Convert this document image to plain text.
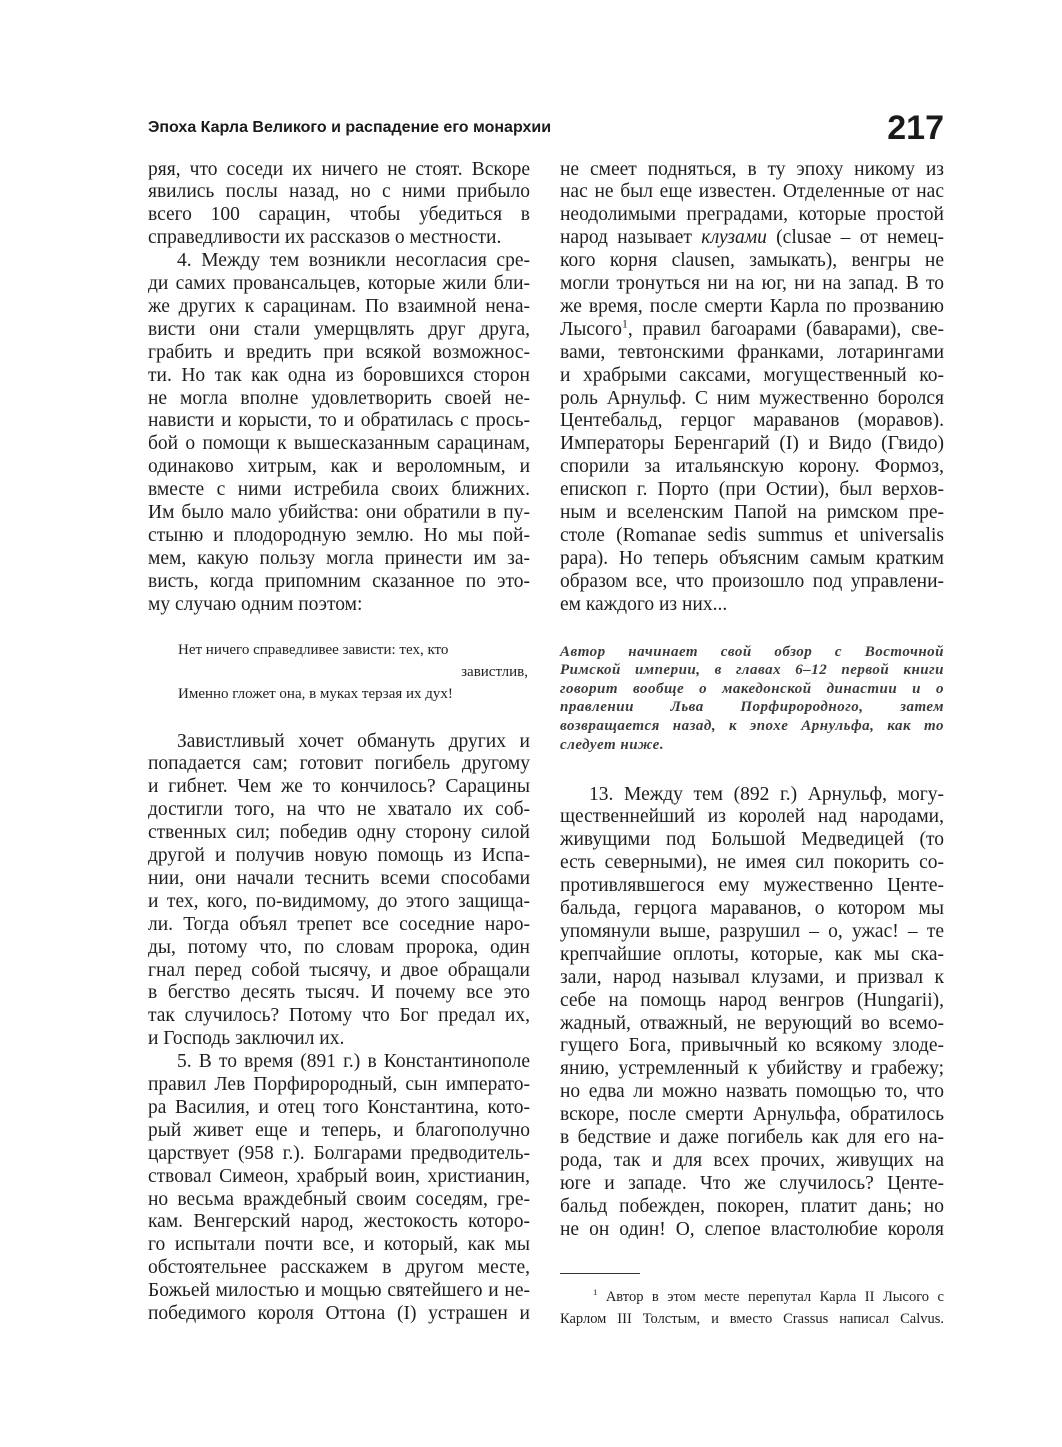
Эпоха Карла Великого и распадение его монархии	217
ряя, что соседи их ничего не стоят. Вскоре
явились послы назад, но с ними прибыло
всего 100 сарацин, чтобы убедиться в
справедливости их рассказов о местности.
4. Между тем возникли несогласия сре-
ди самих провансальцев, которые жили бли-
же других к сарацинам. По взаимной нена-
висти они стали умерщвлять друг друга,
грабить и вредить при всякой возможнос-
ти. Но так как одна из боровшихся сторон
не могла вполне удовлетворить своей не-
нависти и корысти, то и обратилась с прось-
бой о помощи к вышесказанным сарацинам,
одинаково хитрым, как и вероломным, и
вместе с ними истребила своих ближних.
Им было мало убийства: они обратили в пу-
стыню и плодородную землю. Но мы пой-
мем, какую пользу могла принести им за-
висть, когда припомним сказанное по это-
му случаю одним поэтом:
Нет ничего справедливее зависти: тех, кто
завистлив,
Именно гложет она, в муках терзая их дух!
Завистливый хочет обмануть других и
попадается сам; готовит погибель другому
и гибнет. Чем же то кончилось? Сарацины
достигли того, на что не хватало их соб-
ственных сил; победив одну сторону силой
другой и получив новую помощь из Испа-
нии, они начали теснить всеми способами
и тех, кого, по-видимому, до этого защища-
ли. Тогда объял трепет все соседние наро-
ды, потому что, по словам пророка, один
гнал перед собой тысячу, и двое обращали
в бегство десять тысяч. И почему все это
так случилось? Потому что Бог предал их,
и Господь заключил их.
5. В то время (891 г.) в Константинополе
правил Лев Порфирородный, сын императо-
ра Василия, и отец того Константина, кото-
рый живет еще и теперь, и благополучно
царствует (958 г.). Болгарами предводитель-
ствовал Симеон, храбрый воин, христианин,
но весьма враждебный своим соседям, гре-
кам. Венгерский народ, жестокость которо-
го испытали почти все, и который, как мы
обстоятельнее расскажем в другом месте,
Божьей милостью и мощью святейшего и не-
победимого короля Оттона (I) устрашен и
не смеет подняться, в ту эпоху никому из
нас не был еще известен. Отделенные от нас
неодолимыми преградами, которые простой
народ называет клузами (clusae – от немец-
кого корня clausen, замыкать), венгры не
могли тронуться ни на юг, ни на запад. В то
же время, после смерти Карла по прозванию
Лысого$^1$, правил багоарами (баварами), све-
вами, тевтонскими франками, лотарингами
и храбрыми саксами, могущественный ко-
роль Арнульф. С ним мужественно боролся
Центебальд, герцог мараванов (моравов).
Императоры Беренгарий (I) и Видо (Гвидо)
спорили за итальянскую корону. Формоз,
епископ г. Порто (при Остии), был верхов-
ным и вселенским Папой на римском пре-
столе (Romanae sedis summus et universalis
papa). Но теперь объясним самым кратким
образом все, что произошло под управлени-
ем каждого из них...
Автор начинает свой обзор с Восточной
Римской империи, в главах 6–12 первой книги
говорит вообще о македонской династии и о
правлении Льва Порфирородного, затем
возвращается назад, к эпохе Арнульфа, как то
следует ниже.
13. Между тем (892 г.) Арнульф, могу-
щественнейший из королей над народами,
живущими под Большой Медведицей (то
есть северными), не имея сил покорить со-
противлявшегося ему мужественно Центе-
бальда, герцога мараванов, о котором мы
упомянули выше, разрушил – о, ужас! – те
крепчайшие оплоты, которые, как мы ска-
зали, народ называл клузами, и призвал к
себе на помощь народ венгров (Hungarii),
жадный, отважный, не верующий во всемо-
гущего Бога, привычный ко всякому злоде-
янию, устремленный к убийству и грабежу;
но едва ли можно назвать помощью то, что
вскоре, после смерти Арнульфа, обратилось
в бедствие и даже погибель как для его на-
рода, так и для всех прочих, живущих на
юге и западе. Что же случилось? Центе-
бальд побежден, покорен, платит дань; но
не он один! О, слепое властолюбие короля
$^1$ Автор в этом месте перепутал Карла II Лысого с
Карлом III Толстым, и вместо Crassus написал Calvus.
